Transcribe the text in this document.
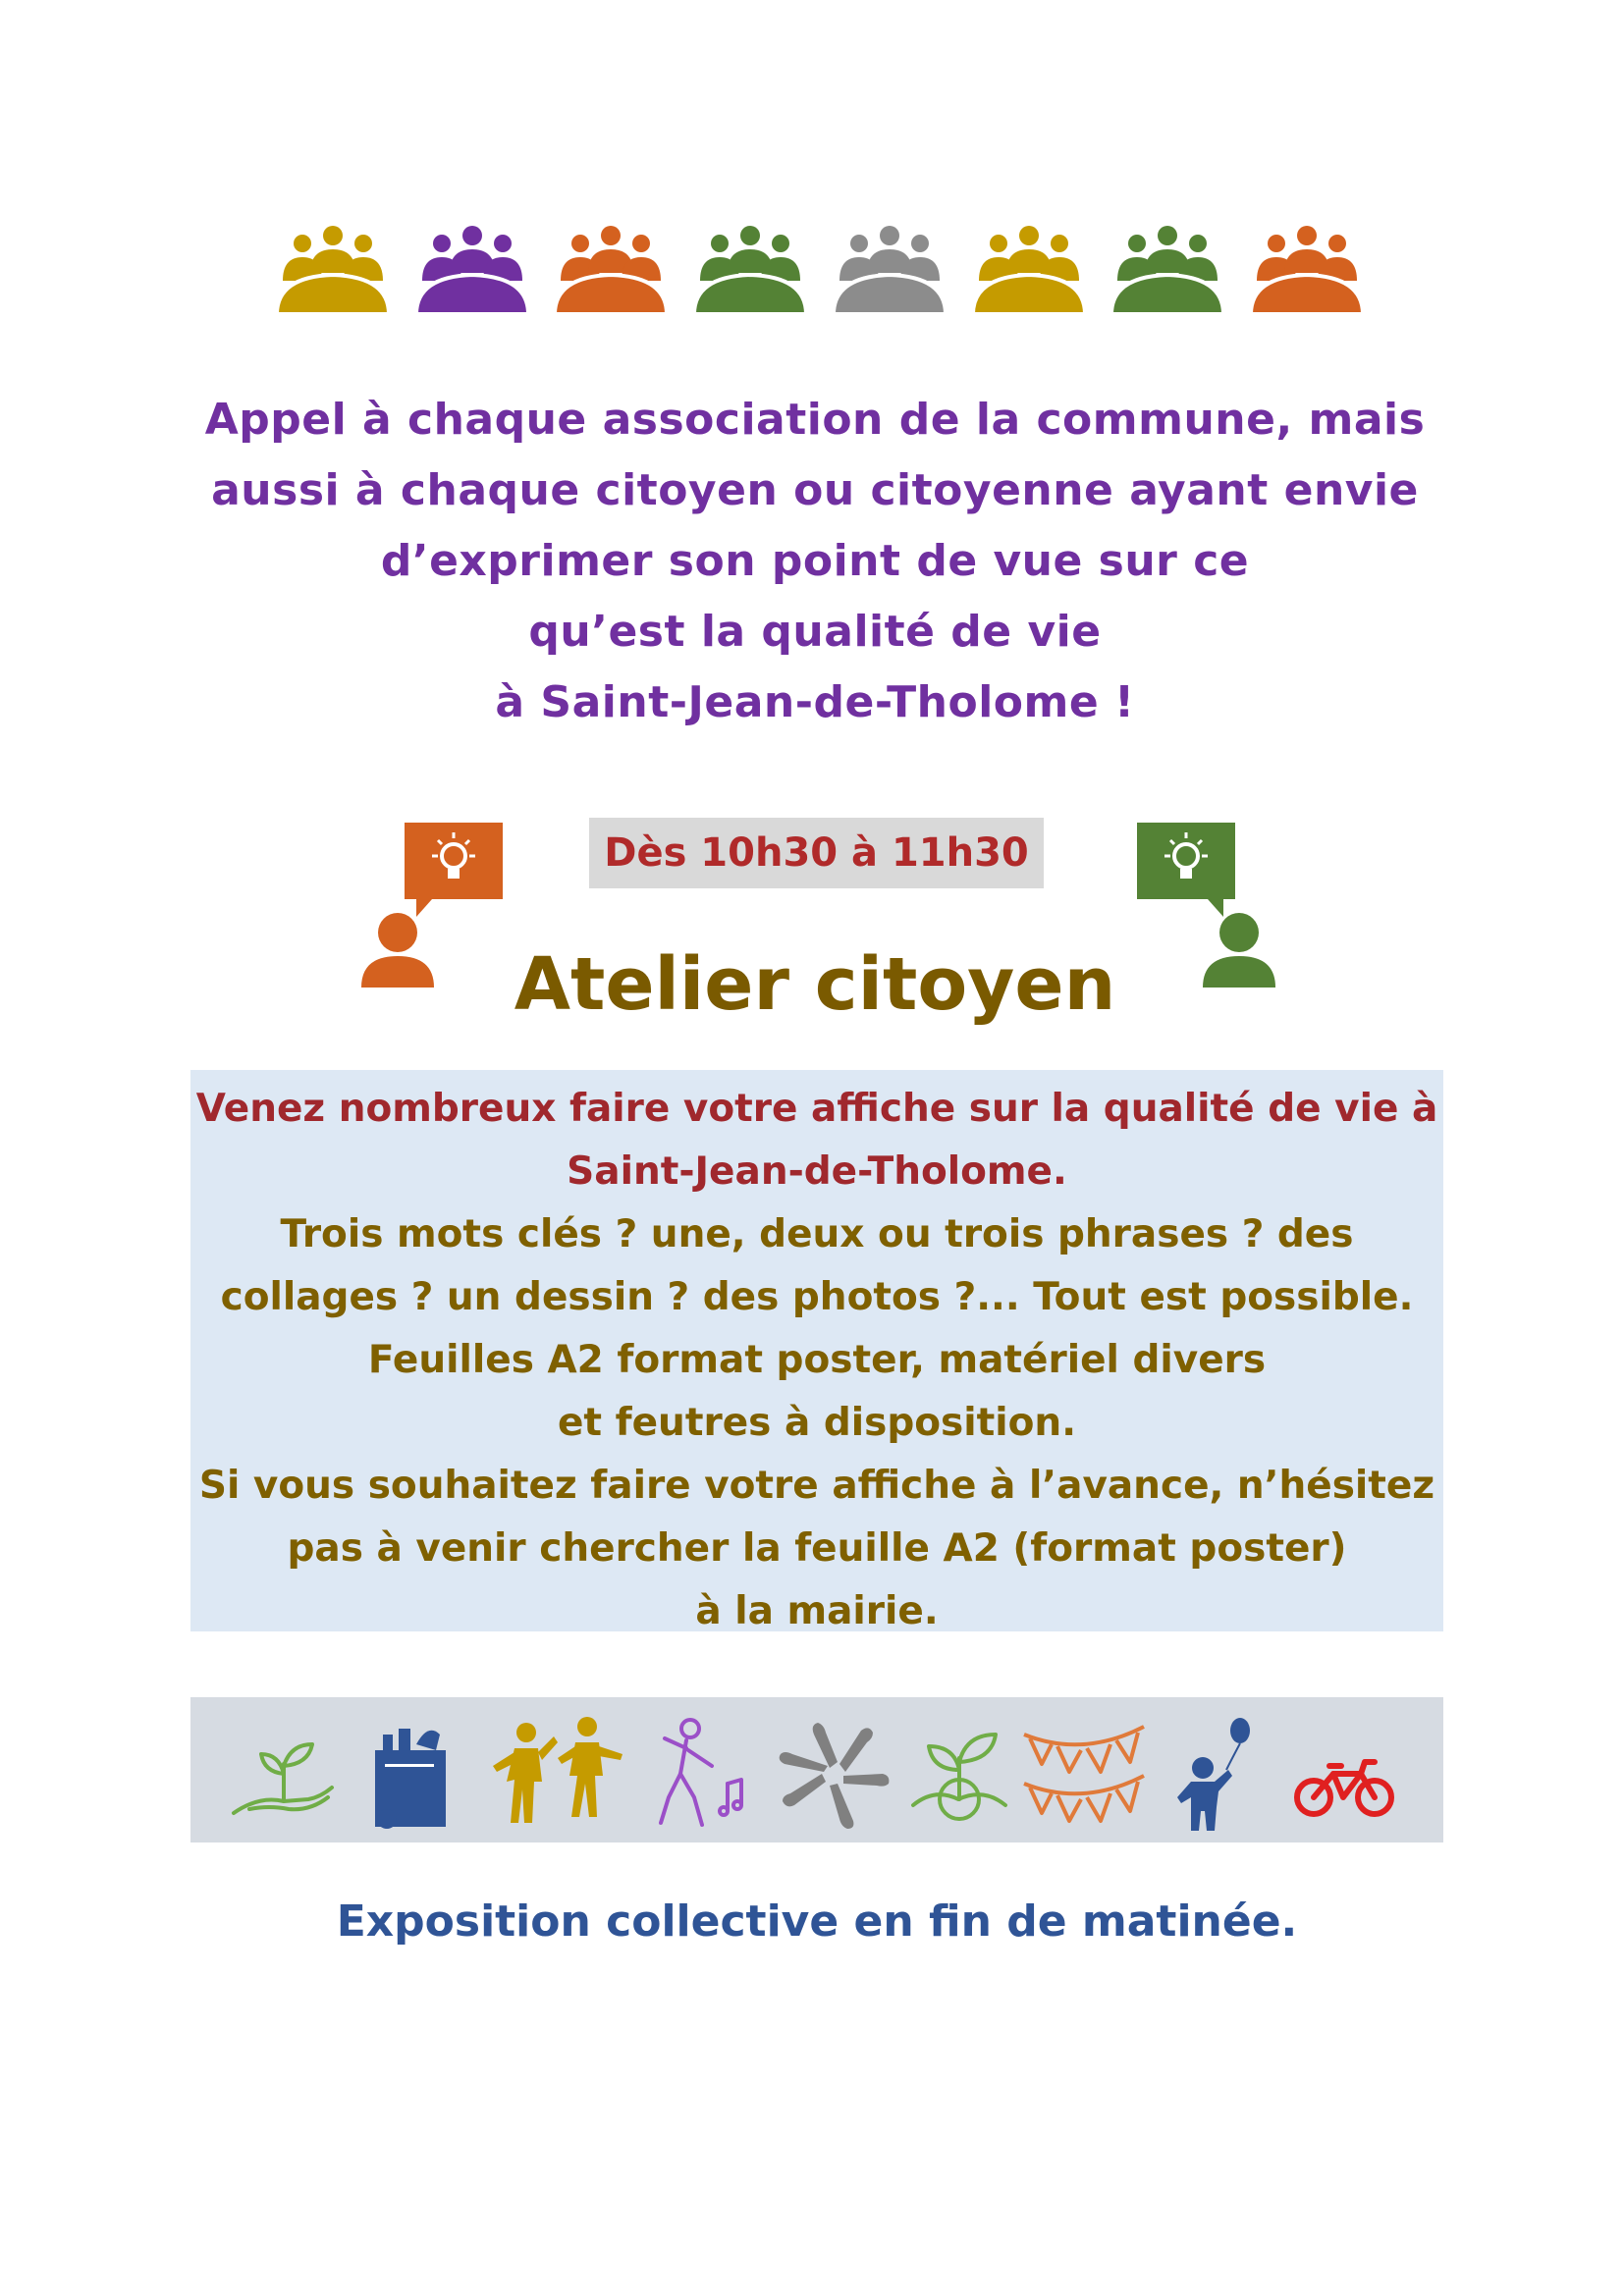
Appel à chaque association de la commune, mais
aussi à chaque citoyen ou citoyenne ayant envie
d’exprimer son point de vue sur ce
qu’est la qualité de vie
à Saint-Jean-de-Tholome !
Dès 10h30 à 11h30
Atelier citoyen
Venez nombreux faire votre affiche sur la qualité de vie à
Saint-Jean-de-Tholome.
Trois mots clés ? une, deux ou trois phrases ? des
collages ? un dessin ? des photos ?... Tout est possible.
Feuilles A2 format poster, matériel divers
et feutres à disposition.
Si vous souhaitez faire votre affiche à l’avance, n’hésitez
pas à venir chercher la feuille A2 (format poster)
à la mairie.
Exposition collective en fin de matinée.
